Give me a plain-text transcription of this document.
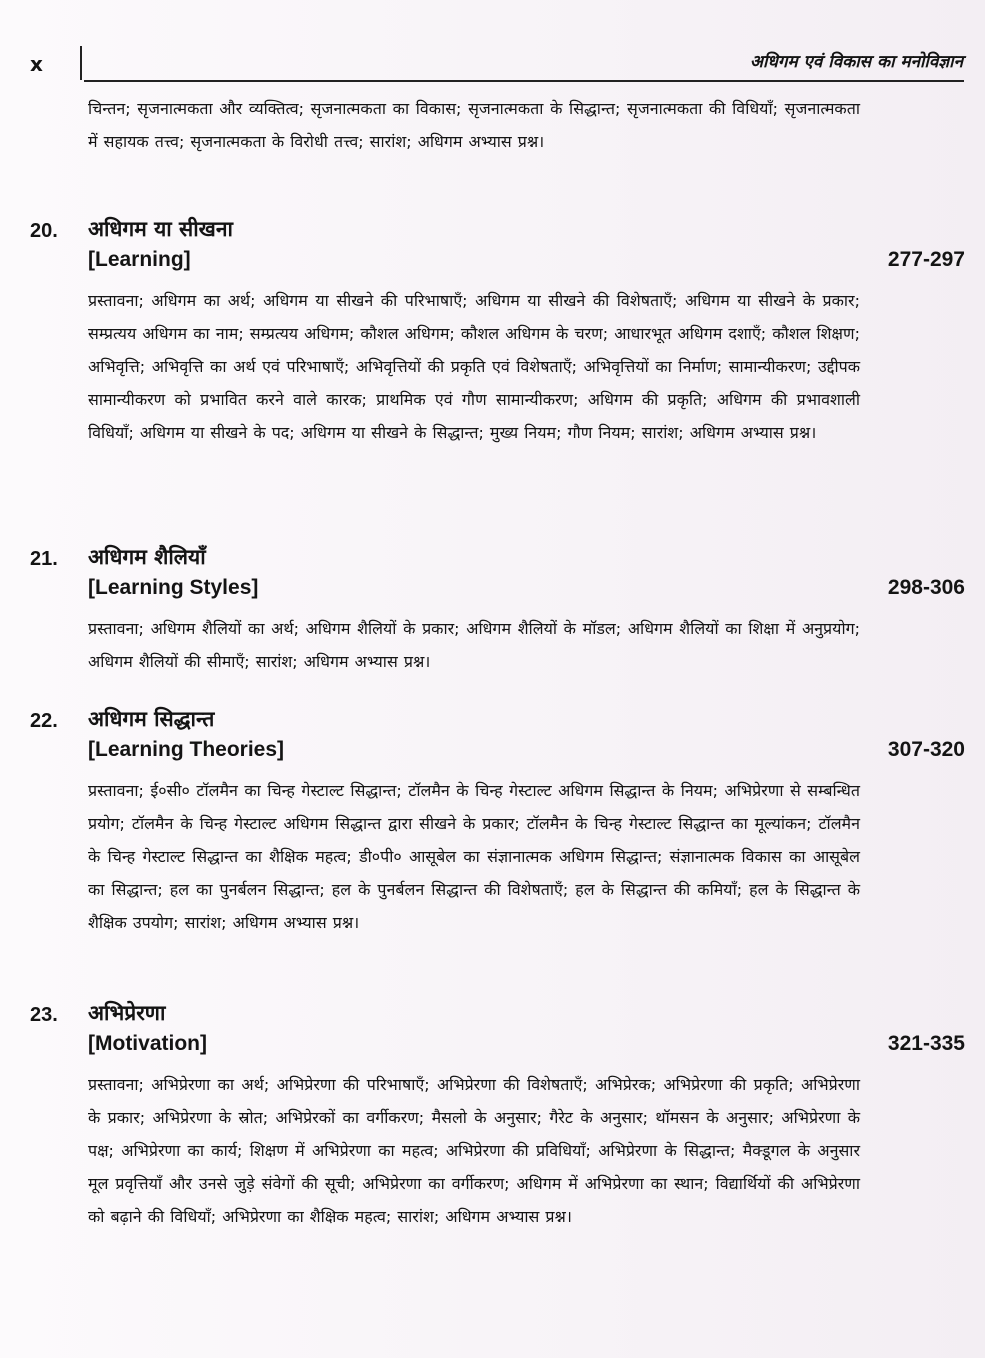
x	अधिगम एवं विकास का मनोविज्ञान
चिन्तन; सृजनात्मकता और व्यक्तित्व; सृजनात्मकता का विकास; सृजनात्मकता के सिद्धान्त; सृजनात्मकता की विधियाँ; सृजनात्मकता में सहायक तत्त्व; सृजनात्मकता के विरोधी तत्त्व; सारांश; अधिगम अभ्यास प्रश्न।
20. अधिगम या सीखना
[Learning]	277-297
प्रस्तावना; अधिगम का अर्थ; अधिगम या सीखने की परिभाषाएँ; अधिगम या सीखने की विशेषताएँ; अधिगम या सीखने के प्रकार; सम्प्रत्यय अधिगम का नाम; सम्प्रत्यय अधिगम; कौशल अधिगम; कौशल अधिगम के चरण; आधारभूत अधिगम दशाएँ; कौशल शिक्षण; अभिवृत्ति; अभिवृत्ति का अर्थ एवं परिभाषाएँ; अभिवृत्तियों की प्रकृति एवं विशेषताएँ; अभिवृत्तियों का निर्माण; सामान्यीकरण; उद्दीपक सामान्यीकरण को प्रभावित करने वाले कारक; प्राथमिक एवं गौण सामान्यीकरण; अधिगम की प्रकृति; अधिगम की प्रभावशाली विधियाँ; अधिगम या सीखने के पद; अधिगम या सीखने के सिद्धान्त; मुख्य नियम; गौण नियम; सारांश; अधिगम अभ्यास प्रश्न।
21. अधिगम शैलियाँ
[Learning Styles]	298-306
प्रस्तावना; अधिगम शैलियों का अर्थ; अधिगम शैलियों के प्रकार; अधिगम शैलियों के मॉडल; अधिगम शैलियों का शिक्षा में अनुप्रयोग; अधिगम शैलियों की सीमाएँ; सारांश; अधिगम अभ्यास प्रश्न।
22. अधिगम सिद्धान्त
[Learning Theories]	307-320
प्रस्तावना; ई०सी० टॉलमैन का चिन्ह गेस्टाल्ट सिद्धान्त; टॉलमैन के चिन्ह गेस्टाल्ट अधिगम सिद्धान्त के नियम; अभिप्रेरणा से सम्बन्धित प्रयोग; टॉलमैन के चिन्ह गेस्टाल्ट अधिगम सिद्धान्त द्वारा सीखने के प्रकार; टॉलमैन के चिन्ह गेस्टाल्ट सिद्धान्त का मूल्यांकन; टॉलमैन के चिन्ह गेस्टाल्ट सिद्धान्त का शैक्षिक महत्व; डी०पी० आसूबेल का संज्ञानात्मक अधिगम सिद्धान्त; संज्ञानात्मक विकास का आसूबेल का सिद्धान्त; हल का पुनर्बलन सिद्धान्त; हल के पुनर्बलन सिद्धान्त की विशेषताएँ; हल के सिद्धान्त की कमियाँ; हल के सिद्धान्त के शैक्षिक उपयोग; सारांश; अधिगम अभ्यास प्रश्न।
23. अभिप्रेरणा
[Motivation]	321-335
प्रस्तावना; अभिप्रेरणा का अर्थ; अभिप्रेरणा की परिभाषाएँ; अभिप्रेरणा की विशेषताएँ; अभिप्रेरक; अभिप्रेरणा की प्रकृति; अभिप्रेरणा के प्रकार; अभिप्रेरणा के स्रोत; अभिप्रेरकों का वर्गीकरण; मैसलो के अनुसार; गैरेट के अनुसार; थॉमसन के अनुसार; अभिप्रेरणा के पक्ष; अभिप्रेरणा का कार्य; शिक्षण में अभिप्रेरणा का महत्व; अभिप्रेरणा की प्रविधियाँ; अभिप्रेरणा के सिद्धान्त; मैक्डूगल के अनुसार मूल प्रवृत्तियाँ और उनसे जुड़े संवेगों की सूची; अभिप्रेरणा का वर्गीकरण; अधिगम में अभिप्रेरणा का स्थान; विद्यार्थियों की अभिप्रेरणा को बढ़ाने की विधियाँ; अभिप्रेरणा का शैक्षिक महत्व; सारांश; अधिगम अभ्यास प्रश्न।
